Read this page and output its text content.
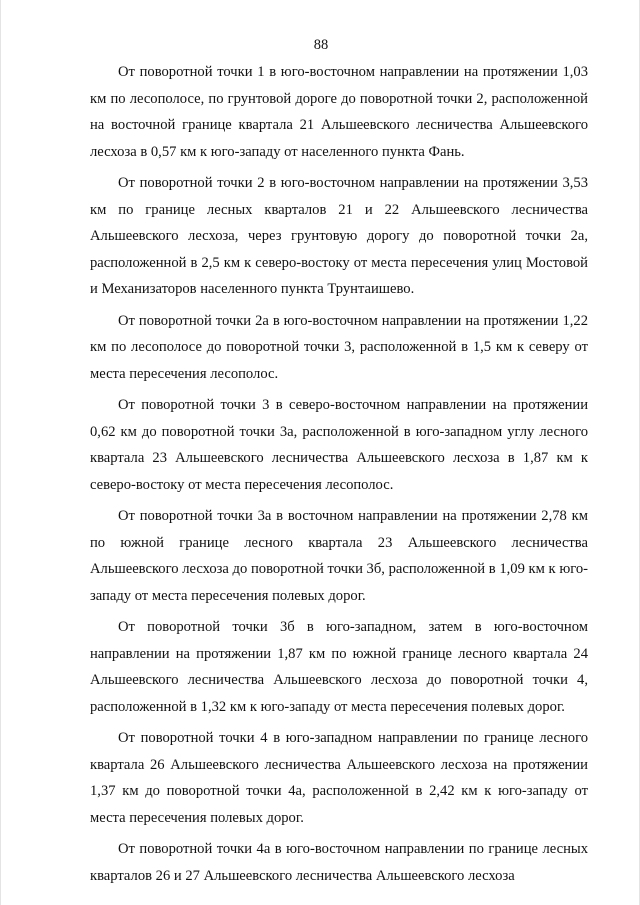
88

От поворотной точки 1 в юго-восточном направлении на протяжении 1,03 км по лесополосе, по грунтовой дороге до поворотной точки 2, расположенной на восточной границе квартала 21 Альшеевского лесничества Альшеевского лесхоза в 0,57 км к юго-западу от населенного пункта Фань.

От поворотной точки 2 в юго-восточном направлении на протяжении 3,53 км по границе лесных кварталов 21 и 22 Альшеевского лесничества Альшеевского лесхоза, через грунтовую дорогу до поворотной точки 2а, расположенной в 2,5 км к северо-востоку от места пересечения улиц Мостовой и Механизаторов населенного пункта Трунтаишево.

От поворотной точки 2а в юго-восточном направлении на протяжении 1,22 км по лесополосе до поворотной точки 3, расположенной в 1,5 км к северу от места пересечения лесополос.

От поворотной точки 3 в северо-восточном направлении на протяжении 0,62 км до поворотной точки 3а, расположенной в юго-западном углу лесного квартала 23 Альшеевского лесничества Альшеевского лесхоза в 1,87 км к северо-востоку от места пересечения лесополос.

От поворотной точки 3а в восточном направлении на протяжении 2,78 км по южной границе лесного квартала 23 Альшеевского лесничества Альшеевского лесхоза до поворотной точки 3б, расположенной в 1,09 км к юго-западу от места пересечения полевых дорог.

От поворотной точки 3б в юго-западном, затем в юго-восточном направлении на протяжении 1,87 км по южной границе лесного квартала 24 Альшеевского лесничества Альшеевского лесхоза до поворотной точки 4, расположенной в 1,32 км к юго-западу от места пересечения полевых дорог.

От поворотной точки 4 в юго-западном направлении по границе лесного квартала 26 Альшеевского лесничества Альшеевского лесхоза на протяжении 1,37 км до поворотной точки 4а, расположенной в 2,42 км к юго-западу от места пересечения полевых дорог.

От поворотной точки 4а в юго-восточном направлении по границе лесных кварталов 26 и 27 Альшеевского лесничества Альшеевского лесхоза
